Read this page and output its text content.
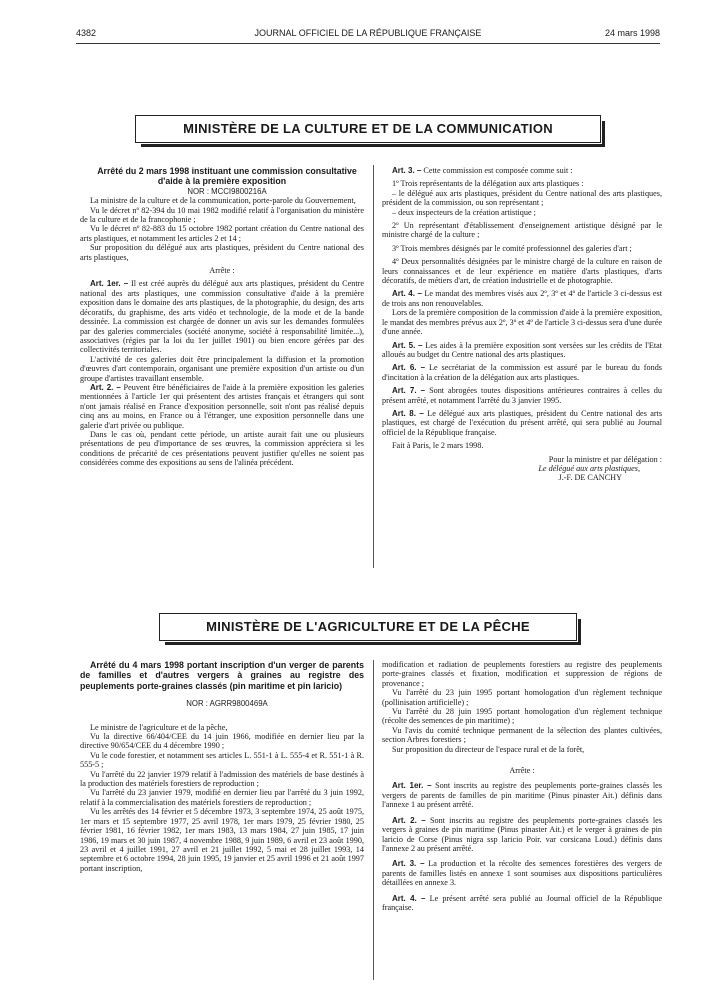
4382	JOURNAL OFFICIEL DE LA RÉPUBLIQUE FRANÇAISE	24 mars 1998
MINISTÈRE DE LA CULTURE ET DE LA COMMUNICATION

Arrêté du 2 mars 1998 instituant une commission consultative d'aide à la première exposition

NOR : MCCI9800216A

La ministre de la culture et de la communication, porte-parole du Gouvernement,

Vu le décret nº 82-394 du 10 mai 1982 modifié relatif à l'organisation du ministère de la culture et de la francophonie ;

Vu le décret nº 82-883 du 15 octobre 1982 portant création du Centre national des arts plastiques, et notamment les articles 2 et 14 ;

Sur proposition du délégué aux arts plastiques, président du Centre national des arts plastiques,

Arrête :

Art. 1er. – Il est créé auprès du délégué aux arts plastiques, président du Centre national des arts plastiques, une commission consultative d'aide à la première exposition dans le domaine des arts plastiques, de la photographie, du design, des arts décoratifs, du graphisme, des arts vidéo et technologie, de la mode et de la bande dessinée. La commission est chargée de donner un avis sur les demandes formulées par des galeries commerciales (société anonyme, société à responsabilité limitée...), associatives (régies par la loi du 1er juillet 1901) ou bien encore gérées par des collectivités territoriales.

L'activité de ces galeries doit être principalement la diffusion et la promotion d'œuvres d'art contemporain, organisant une première exposition d'un artiste ou d'un groupe d'artistes travaillant ensemble.

Art. 2. – Peuvent être bénéficiaires de l'aide à la première exposition les galeries mentionnées à l'article 1er qui présentent des artistes français et étrangers qui sont n'ont jamais réalisé en France d'exposition personnelle, soit n'ont pas réalisé depuis cinq ans au moins, en France ou à l'étranger, une exposition personnelle dans une galerie d'art privée ou publique.

Dans le cas où, pendant cette période, un artiste aurait fait une ou plusieurs présentations de peu d'importance de ses œuvres, la commission appréciera si les conditions de précarité de ces présentations peuvent justifier qu'elles ne soient pas considérées comme des expositions au sens de l'alinéa précédent.

Art. 3. – Cette commission est composée comme suit :

1º Trois représentants de la délégation aux arts plastiques :

– le délégué aux arts plastiques, président du Centre national des arts plastiques, président de la commission, ou son représentant ;

– deux inspecteurs de la création artistique ;

2º Un représentant d'établissement d'enseignement artistique désigné par le ministre chargé de la culture ;

3º Trois membres désignés par le comité professionnel des galeries d'art ;

4º Deux personnalités désignées par le ministre chargé de la culture en raison de leurs connaissances et de leur expérience en matière d'arts plastiques, d'arts décoratifs, de métiers d'art, de création industrielle et de photographie.

Art. 4. – Le mandat des membres visés aux 2º, 3º et 4º de l'article 3 ci-dessus est de trois ans non renouvelables.

Lors de la première composition de la commission d'aide à la première exposition, le mandat des membres prévus aux 2º, 3º et 4º de l'article 3 ci-dessus sera d'une durée d'une année.

Art. 5. – Les aides à la première exposition sont versées sur les crédits de l'Etat alloués au budget du Centre national des arts plastiques.

Art. 6. – Le secrétariat de la commission est assuré par le bureau du fonds d'incitation à la création de la délégation aux arts plastiques.

Art. 7. – Sont abrogées toutes dispositions antérieures contraires à celles du présent arrêté, et notamment l'arrêté du 3 janvier 1995.

Art. 8. – Le délégué aux arts plastiques, président du Centre national des arts plastiques, est chargé de l'exécution du présent arrêté, qui sera publié au Journal officiel de la République française.

Fait à Paris, le 2 mars 1998.

Pour la ministre et par délégation :

Le délégué aux arts plastiques,

J.-F. DE CANCHY

MINISTÈRE DE L'AGRICULTURE ET DE LA PÊCHE

Arrêté du 4 mars 1998 portant inscription d'un verger de parents de familles et d'autres vergers à graines au registre des peuplements porte-graines classés (pin maritime et pin laricio)

NOR : AGRR9800469A

Le ministre de l'agriculture et de la pêche,

Vu la directive 66/404/CEE du 14 juin 1966, modifiée en dernier lieu par la directive 90/654/CEE du 4 décembre 1990 ;

Vu le code forestier, et notamment ses articles L. 551-1 à L. 555-4 et R. 551-1 à R. 555-5 ;

Vu l'arrêté du 22 janvier 1979 relatif à l'admission des matériels de base destinés à la production des matériels forestiers de reproduction ;

Vu l'arrêté du 23 janvier 1979, modifié en dernier lieu par l'arrêté du 3 juin 1992, relatif à la commercialisation des matériels forestiers de reproduction ;

Vu les arrêtés des 14 février et 5 décembre 1973, 3 septembre 1974, 25 août 1975, 1er mars et 15 septembre 1977, 25 avril 1978, 1er mars 1979, 25 février 1980, 25 février 1981, 16 février 1982, 1er mars 1983, 13 mars 1984, 27 juin 1985, 17 juin 1986, 19 mars et 30 juin 1987, 4 novembre 1988, 9 juin 1989, 6 avril et 23 août 1990, 23 avril et 4 juillet 1991, 27 avril et 21 juillet 1992, 5 mai et 28 juillet 1993, 14 septembre et 6 octobre 1994, 28 juin 1995, 19 janvier et 25 avril 1996 et 21 août 1997 portant inscription,

modification et radiation de peuplements forestiers au registre des peuplements porte-graines classés et fixation, modification et suppression de régions de provenance ;

Vu l'arrêté du 23 juin 1995 portant homologation d'un règlement technique (pollinisation artificielle) ;

Vu l'arrêté du 28 juin 1995 portant homologation d'un règlement technique (récolte des semences de pin maritime) ;

Vu l'avis du comité technique permanent de la sélection des plantes cultivées, section Arbres forestiers ;

Sur proposition du directeur de l'espace rural et de la forêt,

Arrête :

Art. 1er. – Sont inscrits au registre des peuplements porte-graines classés les vergers de parents de familles de pin maritime (Pinus pinaster Ait.) définis dans l'annexe 1 au présent arrêté.

Art. 2. – Sont inscrits au registre des peuplements porte-graines classés les vergers à graines de pin maritime (Pinus pinaster Ait.) et le verger à graines de pin laricio de Corse (Pinus nigra ssp laricio Poir. var corsicana Loud.) définis dans l'annexe 2 au présent arrêté.

Art. 3. – La production et la récolte des semences forestières des vergers de parents de familles listés en annexe 1 sont soumises aux dispositions particulières détaillées en annexe 3.

Art. 4. – Le présent arrêté sera publié au Journal officiel de la République française.
